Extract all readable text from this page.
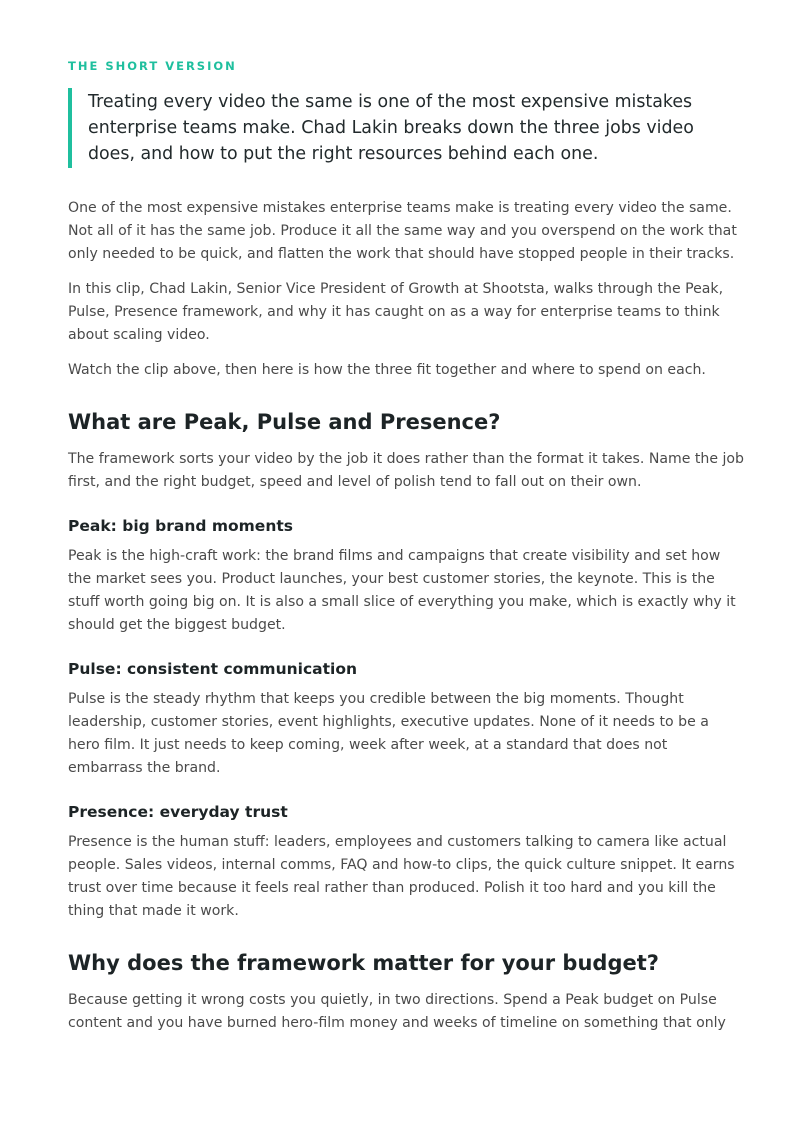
THE SHORT VERSION

Treating every video the same is one of the most expensive mistakes
enterprise teams make. Chad Lakin breaks down the three jobs video
does, and how to put the right resources behind each one.

One of the most expensive mistakes enterprise teams make is treating every video the same.
Not all of it has the same job. Produce it all the same way and you overspend on the work that
only needed to be quick, and flatten the work that should have stopped people in their tracks.

In this clip, Chad Lakin, Senior Vice President of Growth at Shootsta, walks through the Peak,
Pulse, Presence framework, and why it has caught on as a way for enterprise teams to think
about scaling video.

Watch the clip above, then here is how the three fit together and where to spend on each.

What are Peak, Pulse and Presence?

The framework sorts your video by the job it does rather than the format it takes. Name the job
first, and the right budget, speed and level of polish tend to fall out on their own.

Peak: big brand moments

Peak is the high-craft work: the brand films and campaigns that create visibility and set how
the market sees you. Product launches, your best customer stories, the keynote. This is the
stuff worth going big on. It is also a small slice of everything you make, which is exactly why it
should get the biggest budget.

Pulse: consistent communication

Pulse is the steady rhythm that keeps you credible between the big moments. Thought
leadership, customer stories, event highlights, executive updates. None of it needs to be a
hero film. It just needs to keep coming, week after week, at a standard that does not
embarrass the brand.

Presence: everyday trust

Presence is the human stuff: leaders, employees and customers talking to camera like actual
people. Sales videos, internal comms, FAQ and how-to clips, the quick culture snippet. It earns
trust over time because it feels real rather than produced. Polish it too hard and you kill the
thing that made it work.

Why does the framework matter for your budget?

Because getting it wrong costs you quietly, in two directions. Spend a Peak budget on Pulse
content and you have burned hero-film money and weeks of timeline on something that only
